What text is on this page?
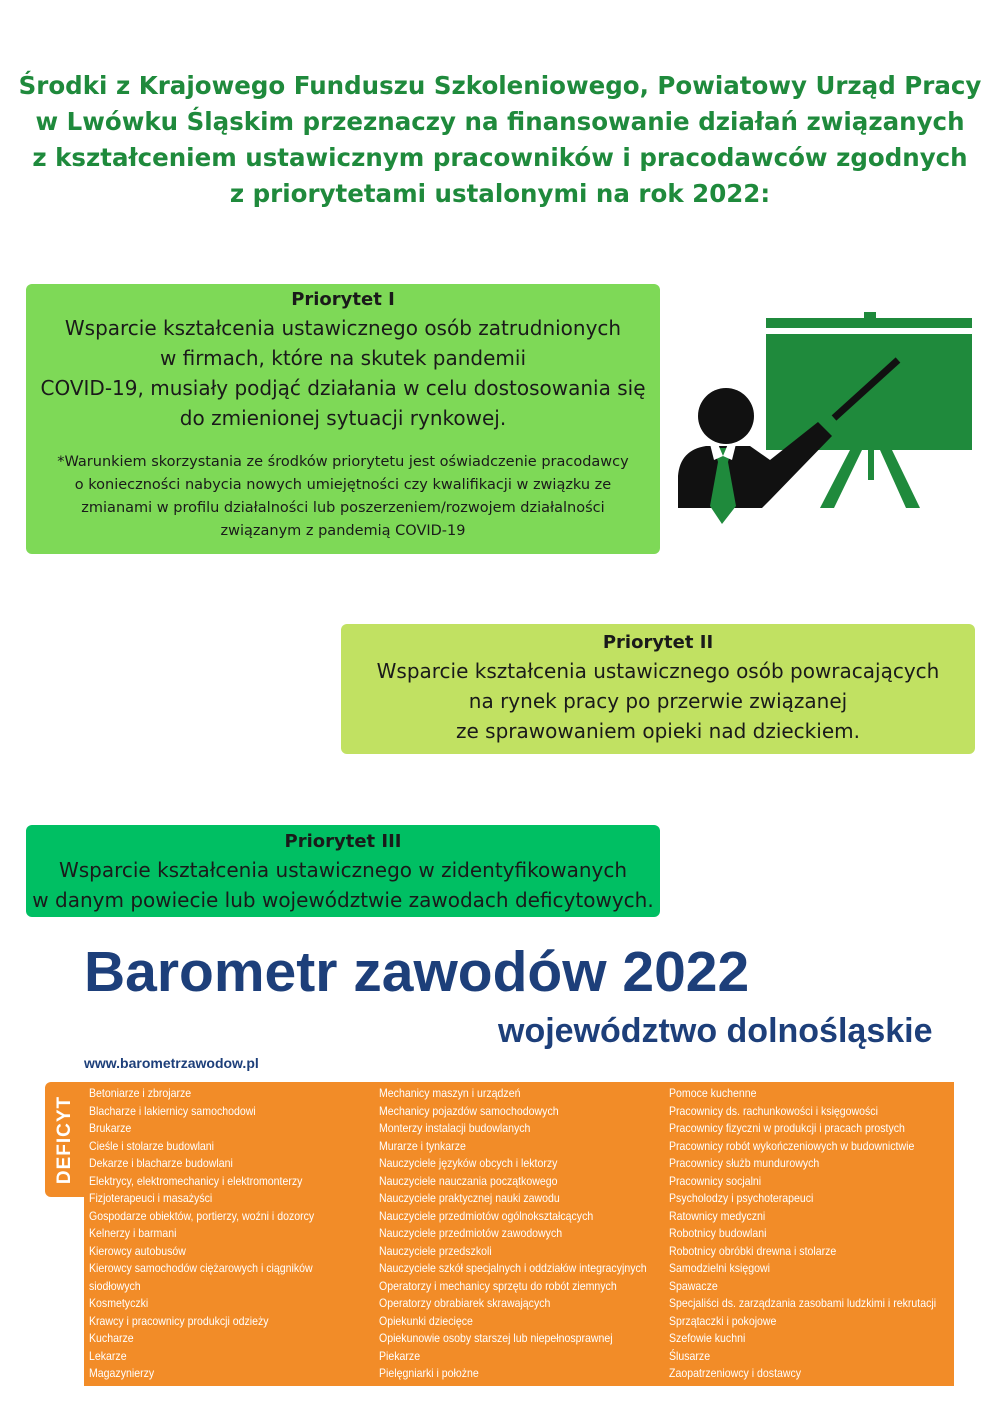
Środki z Krajowego Funduszu Szkoleniowego, Powiatowy Urząd Pracy
w Lwówku Śląskim przeznaczy na finansowanie działań związanych
z kształceniem ustawicznym pracowników i pracodawców zgodnych
z priorytetami ustalonymi na rok 2022:
Priorytet I
Wsparcie kształcenia ustawicznego osób zatrudnionych
w firmach, które na skutek pandemii
COVID-19, musiały podjąć działania w celu dostosowania się
do zmienionej sytuacji rynkowej.
*Warunkiem skorzystania ze środków priorytetu jest oświadczenie pracodawcy
o konieczności nabycia nowych umiejętności czy kwalifikacji w związku ze
zmianami w profilu działalności lub poszerzeniem/rozwojem działalności
związanym z pandemią COVID-19
Priorytet II
Wsparcie kształcenia ustawicznego osób powracających
na rynek pracy po przerwie związanej
ze sprawowaniem opieki nad dzieckiem.
Priorytet III
Wsparcie kształcenia ustawicznego w zidentyfikowanych
w danym powiecie lub województwie zawodach deficytowych.
Barometr zawodów 2022
województwo dolnośląskie
www.barometrzawodow.pl
DEFICYT
Betoniarze i zbrojarze
Blacharze i lakiernicy samochodowi
Brukarze
Cieśle i stolarze budowlani
Dekarze i blacharze budowlani
Elektrycy, elektromechanicy i elektromonterzy
Fizjoterapeuci i masażyści
Gospodarze obiektów, portierzy, woźni i dozorcy
Kelnerzy i barmani
Kierowcy autobusów
Kierowcy samochodów ciężarowych i ciągników
siodłowych
Kosmetyczki
Krawcy i pracownicy produkcji odzieży
Kucharze
Lekarze
Magazynierzy
Mechanicy maszyn i urządzeń
Mechanicy pojazdów samochodowych
Monterzy instalacji budowlanych
Murarze i tynkarze
Nauczyciele języków obcych i lektorzy
Nauczyciele nauczania początkowego
Nauczyciele praktycznej nauki zawodu
Nauczyciele przedmiotów ogólnokształcących
Nauczyciele przedmiotów zawodowych
Nauczyciele przedszkoli
Nauczyciele szkół specjalnych i oddziałów integracyjnych
Operatorzy i mechanicy sprzętu do robót ziemnych
Operatorzy obrabiarek skrawających
Opiekunki dziecięce
Opiekunowie osoby starszej lub niepełnosprawnej
Piekarze
Pielęgniarki i położne
Pomoce kuchenne
Pracownicy ds. rachunkowości i księgowości
Pracownicy fizyczni w produkcji i pracach prostych
Pracownicy robót wykończeniowych w budownictwie
Pracownicy służb mundurowych
Pracownicy socjalni
Psycholodzy i psychoterapeuci
Ratownicy medyczni
Robotnicy budowlani
Robotnicy obróbki drewna i stolarze
Samodzielni księgowi
Spawacze
Specjaliści ds. zarządzania zasobami ludzkimi i rekrutacji
Sprzątaczki i pokojowe
Szefowie kuchni
Ślusarze
Zaopatrzeniowcy i dostawcy
